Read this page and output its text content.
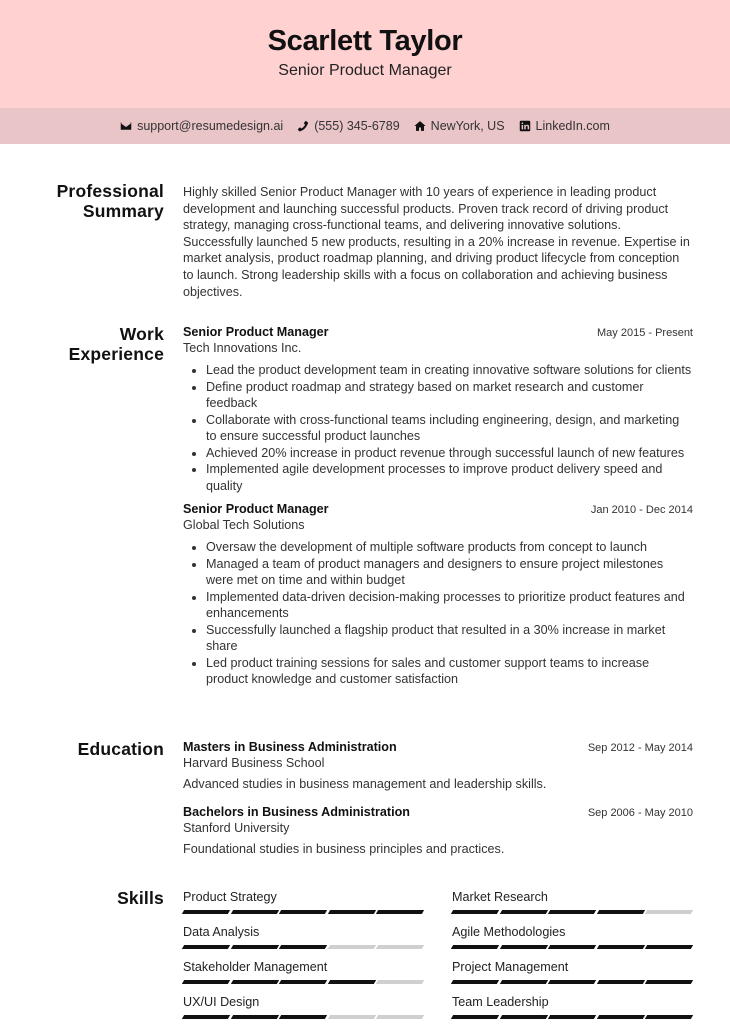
Scarlett Taylor
Senior Product Manager
support@resumedesign.ai (555) 345-6789 NewYork, US LinkedIn.com
Professional
Summary

Highly skilled Senior Product Manager with 10 years of experience in leading product development and launching successful products. Proven track record of driving product strategy, managing cross-functional teams, and delivering innovative solutions. Successfully launched 5 new products, resulting in a 20% increase in revenue. Expertise in market analysis, product roadmap planning, and driving product lifecycle from conception to launch. Strong leadership skills with a focus on collaboration and achieving business objectives.

Work
Experience
Senior Product Manager	May 2015 - Present
Tech Innovations Inc.
Lead the product development team in creating innovative software solutions for clients
Define product roadmap and strategy based on market research and customer feedback
Collaborate with cross-functional teams including engineering, design, and marketing to ensure successful product launches
Achieved 20% increase in product revenue through successful launch of new features
Implemented agile development processes to improve product delivery speed and quality
Senior Product Manager	Jan 2010 - Dec 2014
Global Tech Solutions
Oversaw the development of multiple software products from concept to launch
Managed a team of product managers and designers to ensure project milestones were met on time and within budget
Implemented data-driven decision-making processes to prioritize product features and enhancements
Successfully launched a flagship product that resulted in a 30% increase in market share
Led product training sessions for sales and customer support teams to increase product knowledge and customer satisfaction
Education Masters in Business Administration	Sep 2012 - May 2014
Harvard Business School
Advanced studies in business management and leadership skills.
Bachelors in Business Administration	Sep 2006 - May 2010
Stanford University
Foundational studies in business principles and practices.
Skills Product Strategy	Market Research
Data Analysis	Agile Methodologies
Stakeholder Management	Project Management
UX/UI Design	Team Leadership
